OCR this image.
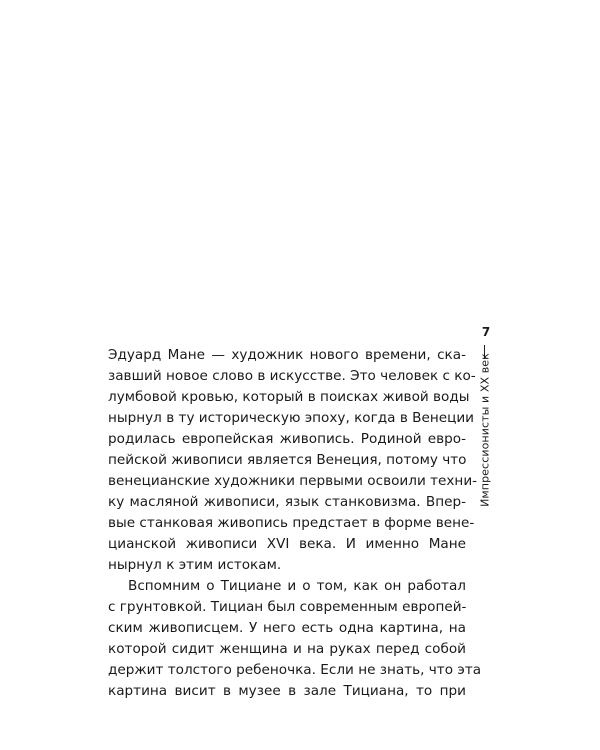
7
Импрессионисты и XX век
Эдуард Мане — художник нового времени, ска-
завший новое слово в искусстве. Это человек с ко-
лумбовой кровью, который в поисках живой воды
нырнул в ту историческую эпоху, когда в Венеции
родилась европейская живопись. Родиной евро-
пейской живописи является Венеция, потому что
венецианские художники первыми освоили техни-
ку масляной живописи, язык станковизма. Впер-
вые станковая живопись предстает в форме вене-
цианской живописи XVI века. И именно Мане
нырнул к этим истокам.
Вспомним о Тициане и о том, как он работал
с грунтовкой. Тициан был современным европей-
ским живописцем. У него есть одна картина, на
которой сидит женщина и на руках перед собой
держит толстого ребеночка. Если не знать, что эта
картина висит в музее в зале Тициана, то при
